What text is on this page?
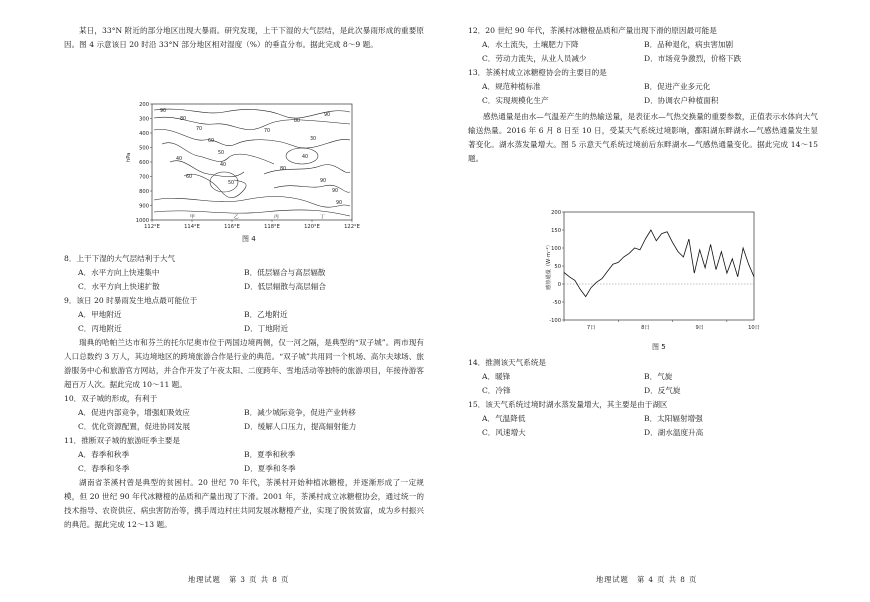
某日，33°N 附近的部分地区出现大暴雨。研究发现，上干下湿的大气层结，是此次暴雨形成的重要原因。图 4 示意该日 20 时沿 33°N 部分地区相对湿度（%）的垂直分布。据此完成 8～9 题。
200
300
400
500
600
700
800
900
1000
112°E	114°E	116°E	118°E	120°E	122°E
hPa
90
80
70
60
50
40
50
60
70
80
90
40	40
80
90
90
90
30
甲	乙	丙	丁
图 4
8．上干下湿的大气层结利于大气
A．水平方向上快速集中	B．低层辐合与高层辐散
C．水平方向上快速扩散	D．低层辐散与高层辐合
9．该日 20 时暴雨发生地点最可能位于
A．甲地附近	B．乙地附近
C．丙地附近	D．丁地附近
瑞典的哈帕兰达市和芬兰的托尔尼奥市位于两国边境两侧，仅一河之隔，是典型的“双子城”。两市现有人口总数约 3 万人，其边境地区的跨境旅游合作是行业的典范。“双子城”共用同一个机场、高尔夫球场、旅游服务中心和旅游官方网站，并合作开发了午夜太阳、二度跨年、雪地活动等独特的旅游项目，年接待游客超百万人次。据此完成 10～11 题。
10．双子城的形成，有利于
A．促进内部竞争，增强虹吸效应	B．减少城际竞争，促进产业转移
C．优化资源配置，促进协同发展	D．缓解人口压力，提高辐射能力
11．推断双子城的旅游旺季主要是
A．春季和秋季	B．夏季和秋季
C．春季和冬季	D．夏季和冬季
湖南省茶溪村曾是典型的贫困村。20 世纪 70 年代，茶溪村开始种植冰糖橙，并逐渐形成了一定规模，但 20 世纪 90 年代冰糖橙的品质和产量出现了下滑。2001 年，茶溪村成立冰糖橙协会，通过统一的技术指导、农资供应、病虫害防治等，携手周边村庄共同发展冰糖橙产业，实现了脱贫致富，成为乡村振兴的典范。据此完成 12～13 题。
地理试题　第 3 页 共 8 页
12．20 世纪 90 年代，茶溪村冰糖橙品质和产量出现下滑的原因最可能是
A．水土流失，土壤肥力下降	B．品种退化，病虫害加剧
C．劳动力流失，从业人员减少	D．市场竞争激烈，价格下跌
13．茶溪村成立冰糖橙协会的主要目的是
A．规范种植标准	B．促进产业多元化
C．实现规模化生产	D．协调农户种植面积
感热通量是由水—气温差产生的热输送量，是表征水—气热交换量的重要参数，正值表示水体向大气输送热量。2016 年 6 月 8 日至 10 日，受某天气系统过境影响，鄱阳湖东畔湖水—气感热通量发生显著变化。湖水蒸发量增大。图 5 示意天气系统过境前后东畔湖水—气感热通量变化。据此完成 14～15 题。
200
150
100
50
0
-50
-100
7日	8日	9日	10日
感热通量（W·m⁻²）
图 5
14．推测该天气系统是
A．暖锋	B．气旋
C．冷锋	D．反气旋
15．该天气系统过境时湖水蒸发量增大，其主要是由于湖区
A．气温降低	B．太阳辐射增强
C．风速增大	D．湖水温度升高
地理试题　第 4 页 共 8 页
